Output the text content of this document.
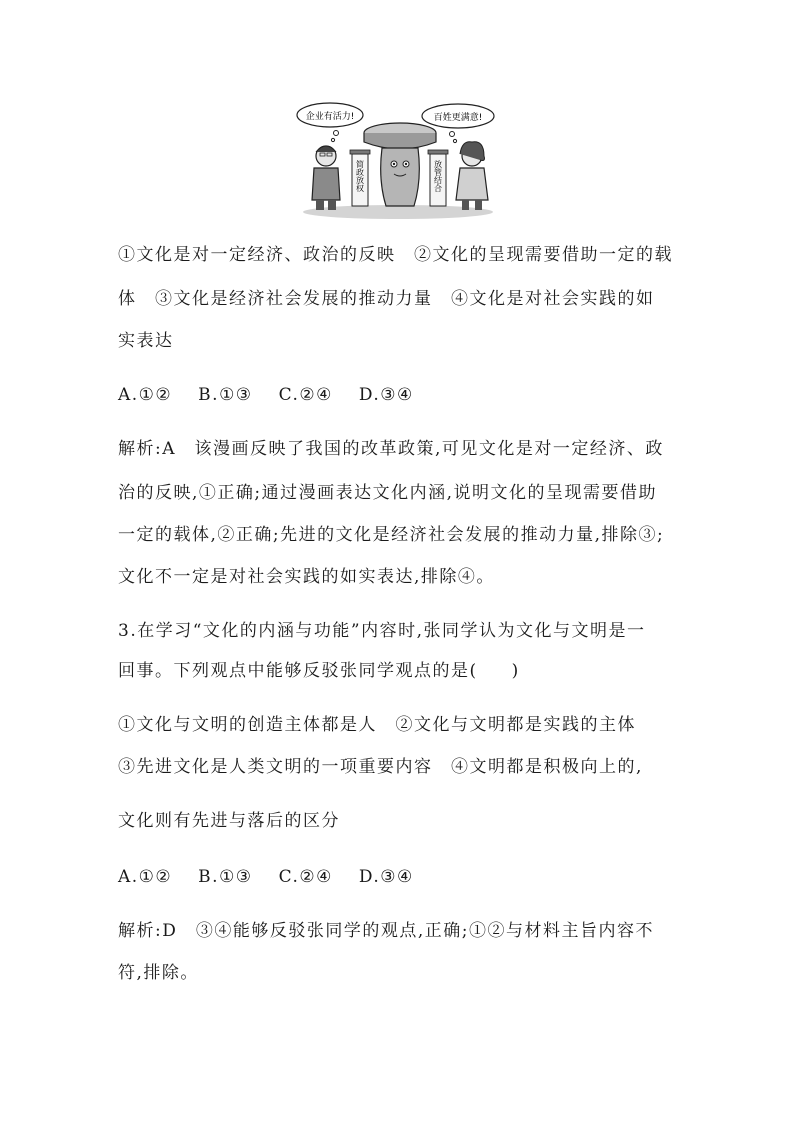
企业有活力!	百姓更满意!
简政放权	放管结合
①文化是对一定经济、政治的反映　②文化的呈现需要借助一定的载
体　③文化是经济社会发展的推动力量　④文化是对社会实践的如
实表达
A.①② B.①③ C.②④ D.③④
解析:A　该漫画反映了我国的改革政策,可见文化是对一定经济、政
治的反映,①正确;通过漫画表达文化内涵,说明文化的呈现需要借助
一定的载体,②正确;先进的文化是经济社会发展的推动力量,排除③;
文化不一定是对社会实践的如实表达,排除④。
3.在学习“文化的内涵与功能”内容时,张同学认为文化与文明是一
回事。下列观点中能够反驳张同学观点的是( )
①文化与文明的创造主体都是人　②文化与文明都是实践的主体
③先进文化是人类文明的一项重要内容　④文明都是积极向上的,
文化则有先进与落后的区分
A.①② B.①③ C.②④ D.③④
解析:D　③④能够反驳张同学的观点,正确;①②与材料主旨内容不
符,排除。
